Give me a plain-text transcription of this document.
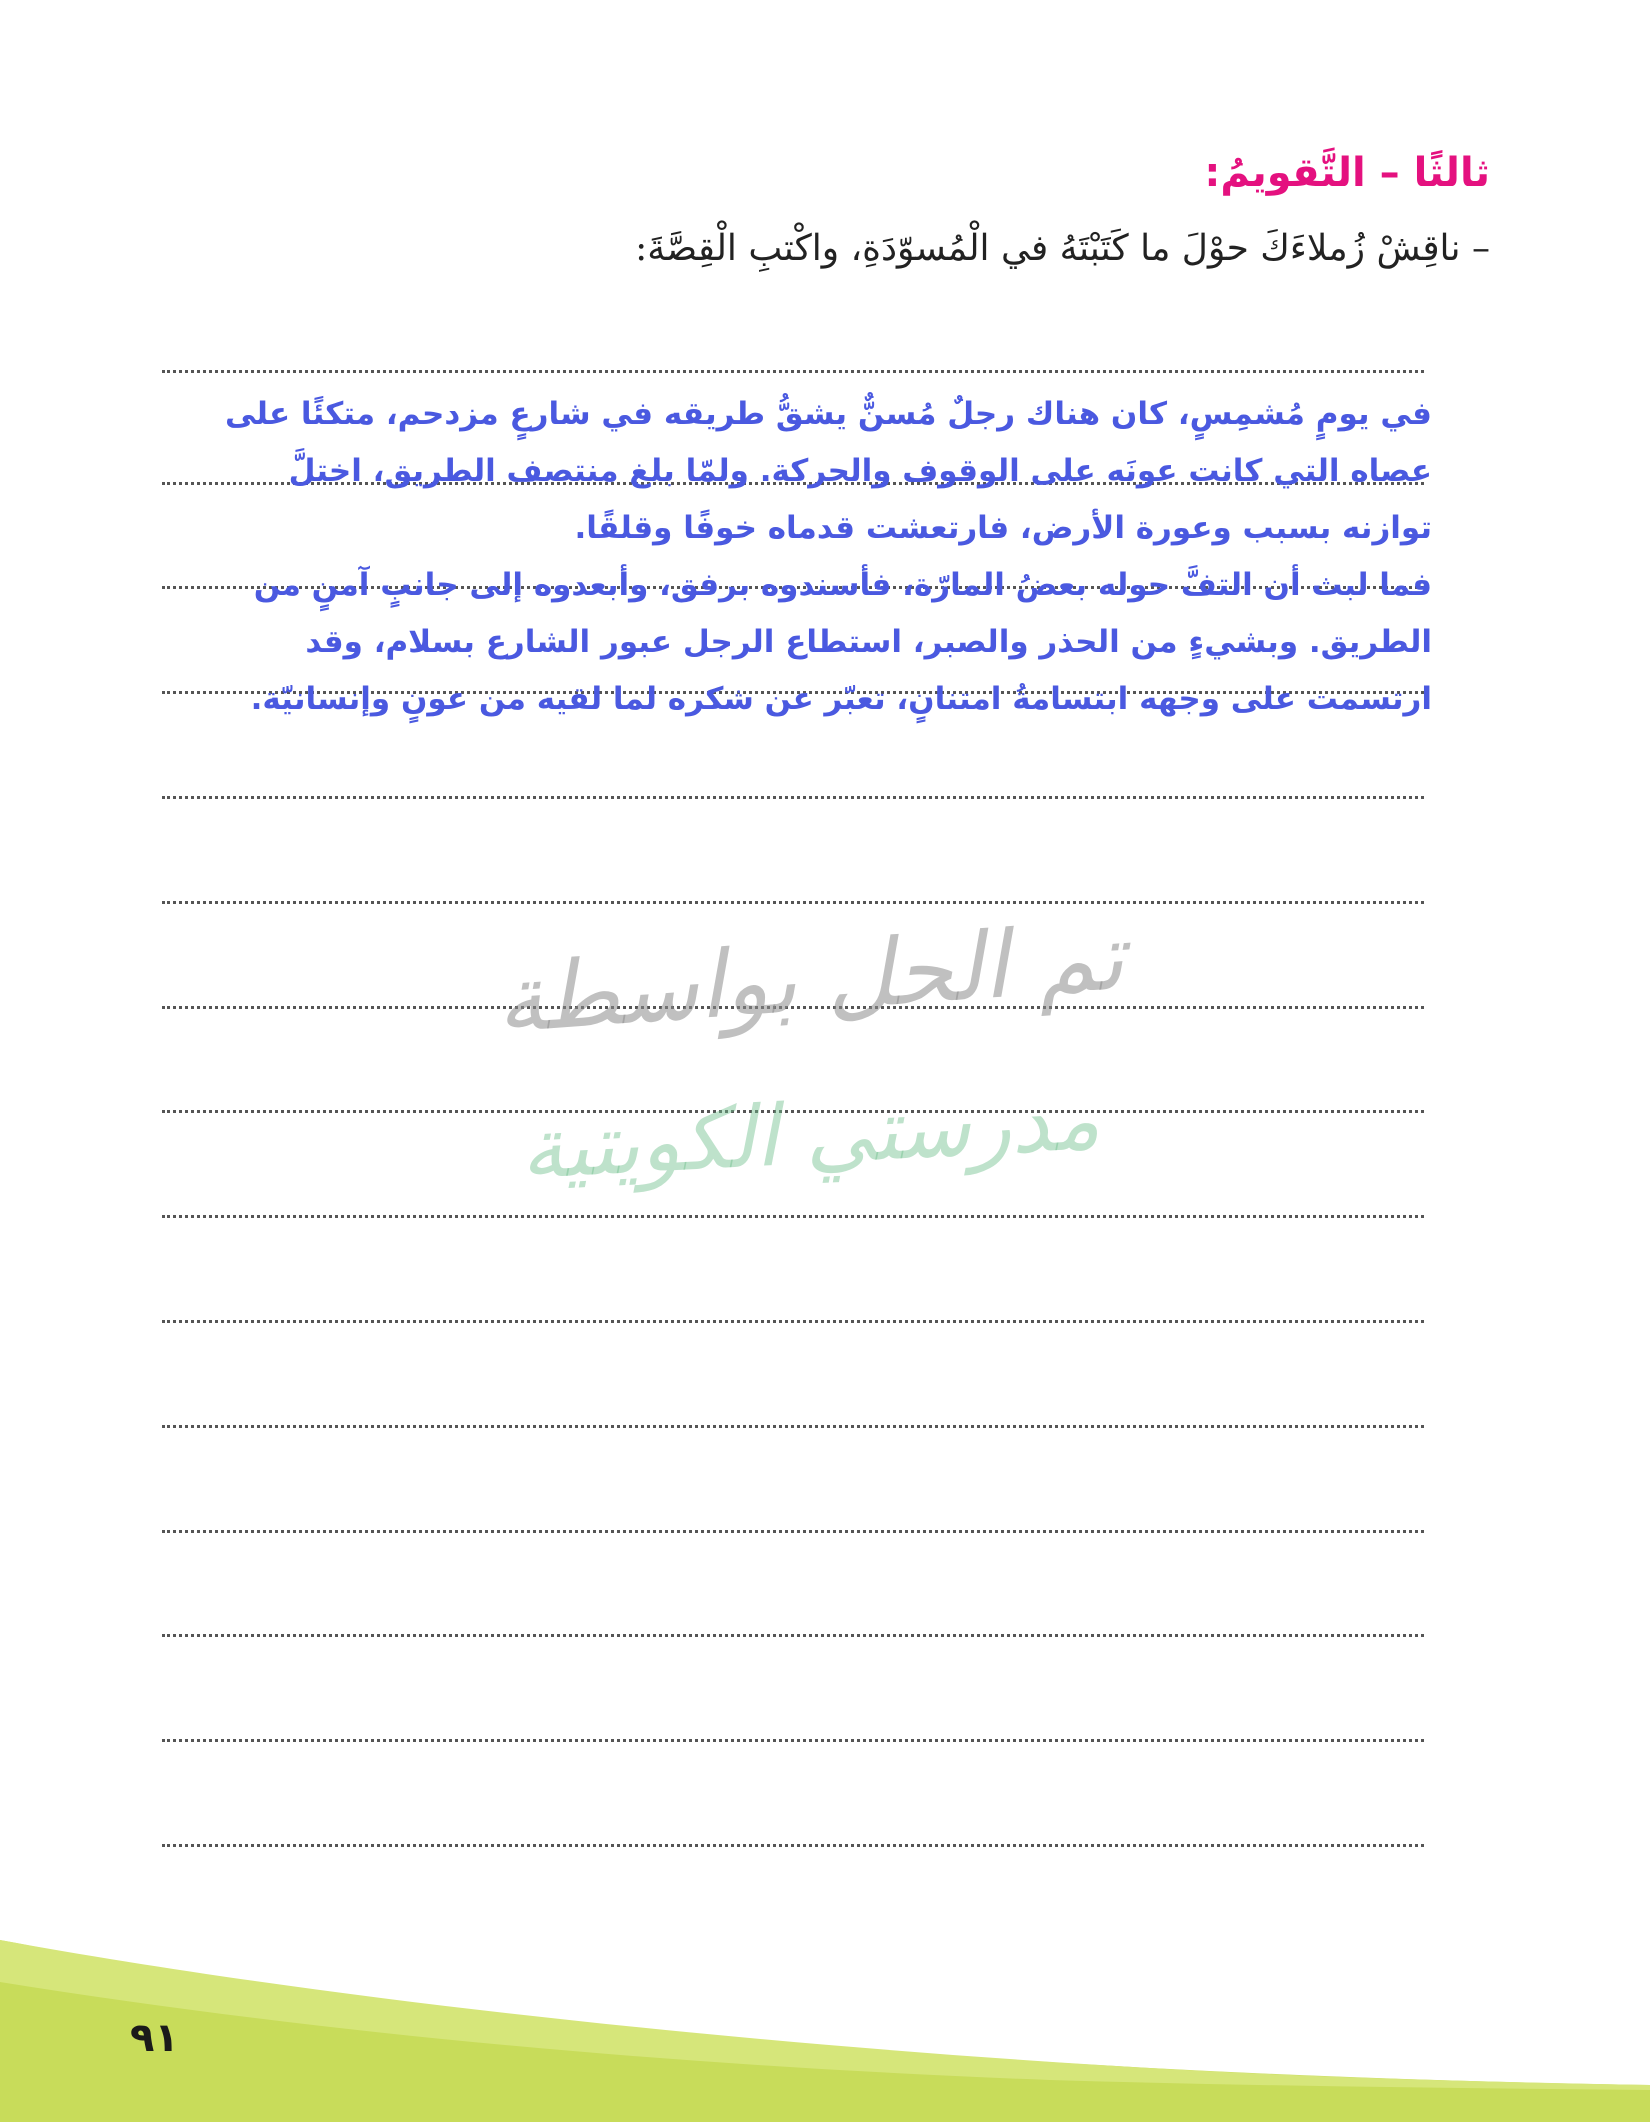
ثالثًا – التَّقويمُ:
– ناقِشْ زُملاءَكَ حوْلَ ما كَتَبْتَهُ في الْمُسوّدَةِ، واكْتبِ الْقِصَّةَ:
في يومٍ مُشمِسٍ، كان هناك رجلٌ مُسنٌّ يشقُّ طريقه في شارعٍ مزدحم، متكئًا على
عصاه التي كانت عونَه على الوقوف والحركة. ولمّا بلغ منتصف الطريق، اختلَّ
توازنه بسبب وعورة الأرض، فارتعشت قدماه خوفًا وقلقًا.
فما لبث أن التفَّ حوله بعضُ المارّة، فأسندوه برفق، وأبعدوه إلى جانبٍ آمنٍ من
الطريق. وبشيءٍ من الحذر والصبر، استطاع الرجل عبور الشارع بسلام، وقد
ارتسمت على وجهه ابتسامةُ امتنانٍ، تعبّر عن شكره لما لقيه من عونٍ وإنسانيّة.
تم الحل بواسطة
مدرستي الكويتية
٩١
